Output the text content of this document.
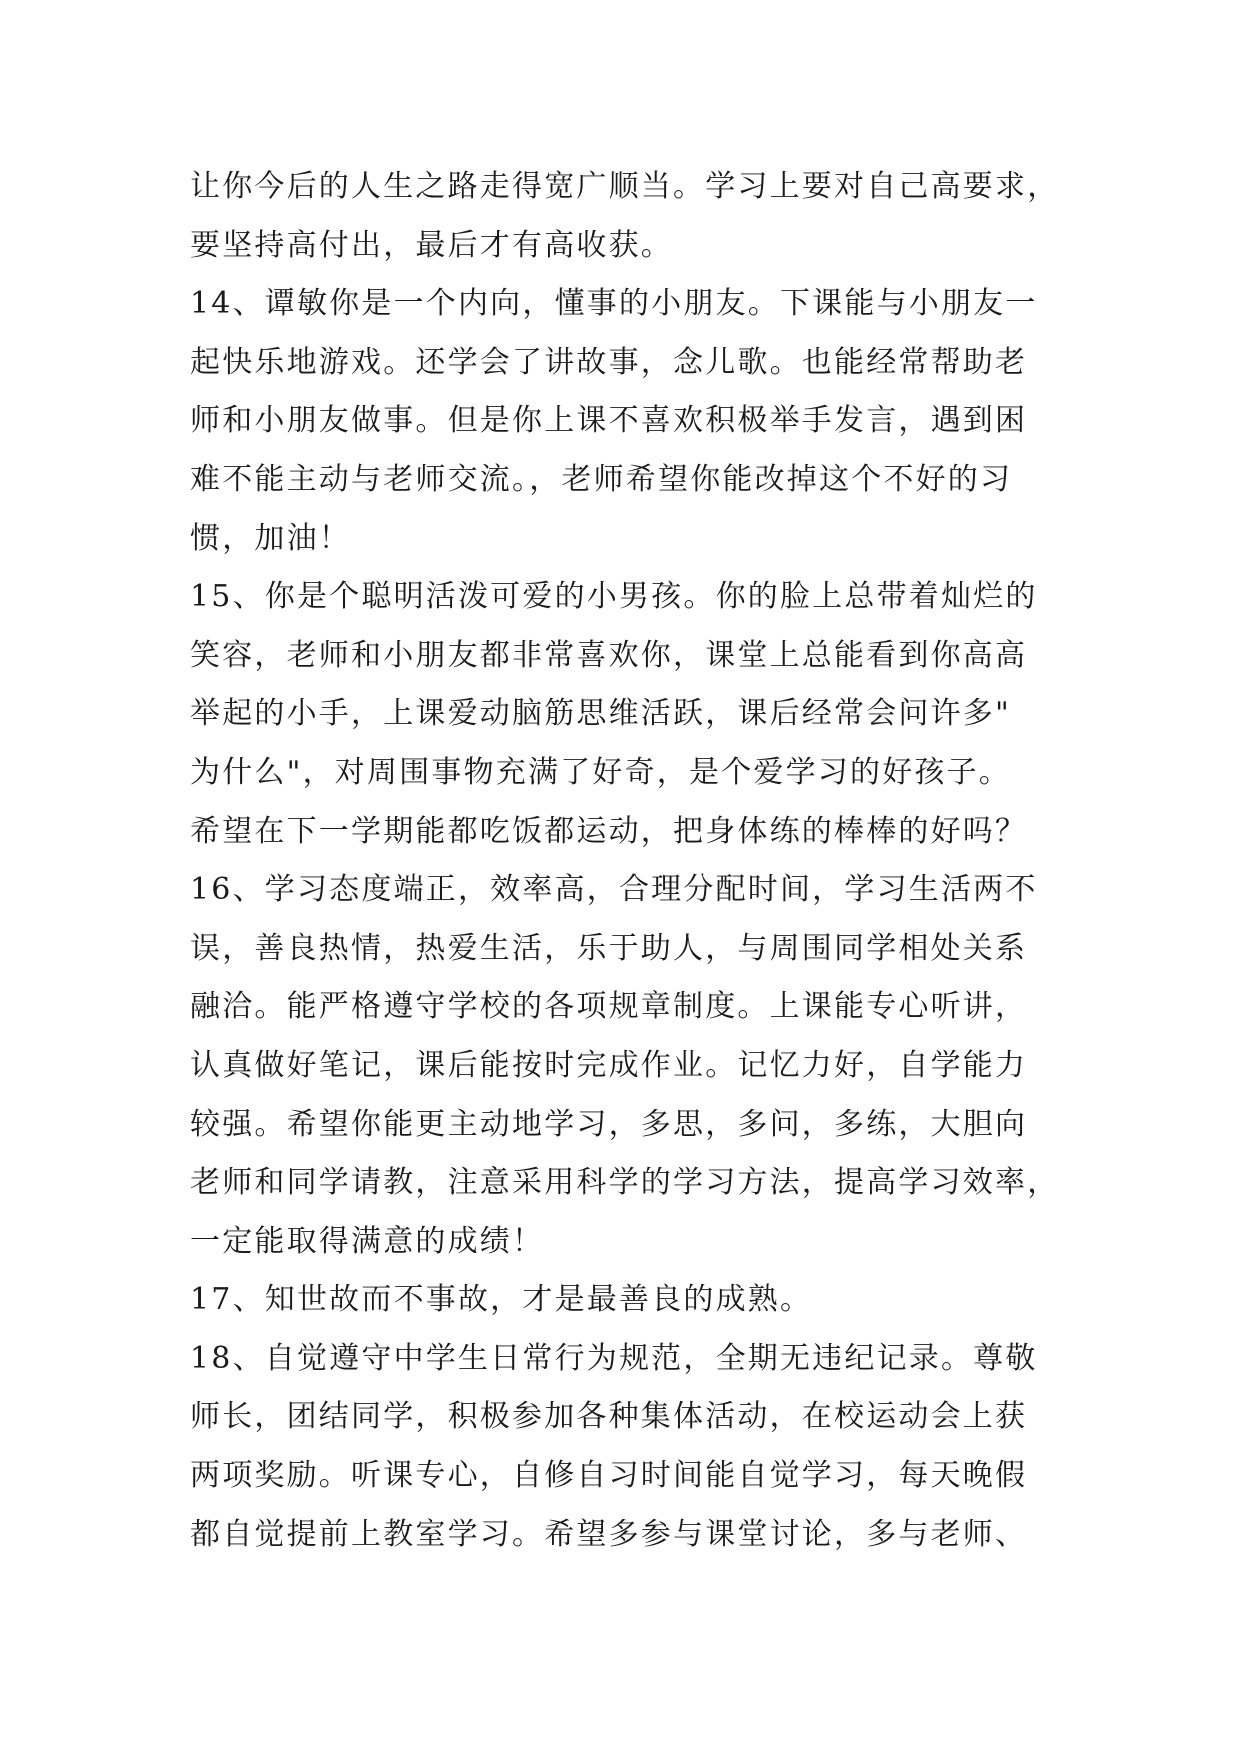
让你今后的人生之路走得宽广顺当。学习上要对自己高要求，
要坚持高付出，最后才有高收获。
14、谭敏你是一个内向，懂事的小朋友。下课能与小朋友一
起快乐地游戏。还学会了讲故事，念儿歌。也能经常帮助老
师和小朋友做事。但是你上课不喜欢积极举手发言，遇到困
难不能主动与老师交流。，老师希望你能改掉这个不好的习
惯，加油！
15、你是个聪明活泼可爱的小男孩。你的脸上总带着灿烂的
笑容，老师和小朋友都非常喜欢你，课堂上总能看到你高高
举起的小手，上课爱动脑筋思维活跃，课后经常会问许多"
为什么"，对周围事物充满了好奇，是个爱学习的好孩子。
希望在下一学期能都吃饭都运动，把身体练的棒棒的好吗？
16、学习态度端正，效率高，合理分配时间，学习生活两不
误，善良热情，热爱生活，乐于助人，与周围同学相处关系
融洽。能严格遵守学校的各项规章制度。上课能专心听讲，
认真做好笔记，课后能按时完成作业。记忆力好，自学能力
较强。希望你能更主动地学习，多思，多问，多练，大胆向
老师和同学请教，注意采用科学的学习方法，提高学习效率，
一定能取得满意的成绩！
17、知世故而不事故，才是最善良的成熟。
18、自觉遵守中学生日常行为规范，全期无违纪记录。尊敬
师长，团结同学，积极参加各种集体活动，在校运动会上获
两项奖励。听课专心，自修自习时间能自觉学习，每天晚假
都自觉提前上教室学习。希望多参与课堂讨论，多与老师、
